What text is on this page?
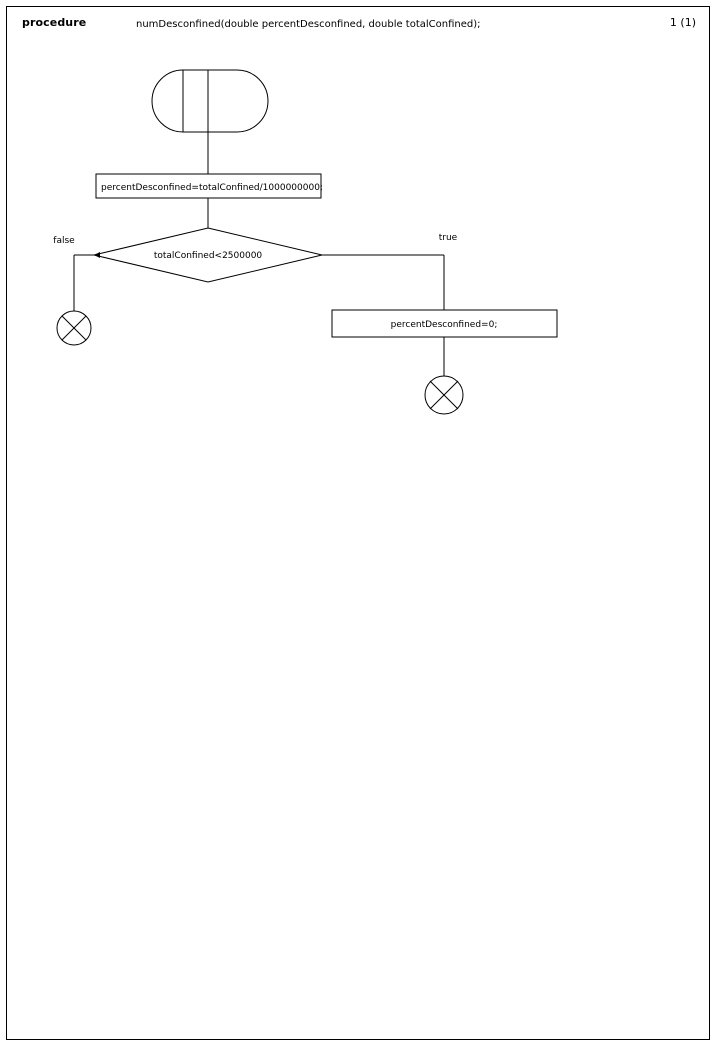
procedure	numDesconfined(double percentDesconfined, double totalConfined);	1 (1)
percentDesconfined=totalConfined/1000000000;
totalConfined<2500000
false	true
percentDesconfined=0;
